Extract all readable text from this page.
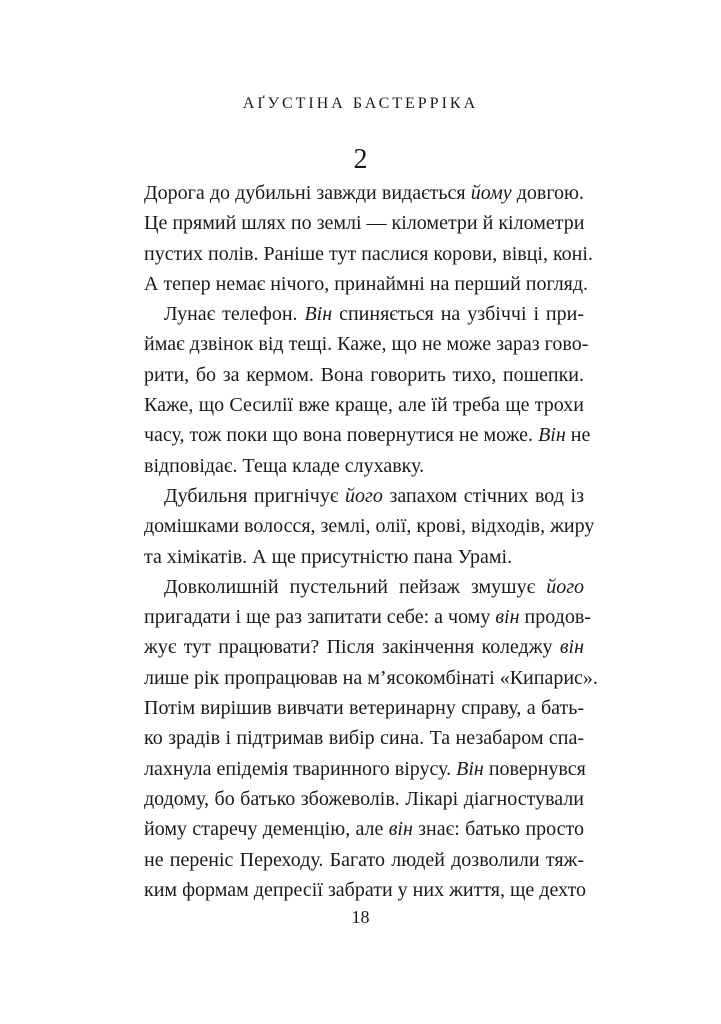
АҐУСТІНА БАСТЕРРІКА
2
Дорога до дубильні завжди видається йому довгою.
Це прямий шлях по землі — кілометри й кілометри
пустих полів. Раніше тут паслися корови, вівці, коні.
А тепер немає нічого, принаймні на перший погляд.
Лунає телефон. Він спиняється на узбіччі і при-
ймає дзвінок від тещі. Каже, що не може зараз гово-
рити, бо за кермом. Вона говорить тихо, пошепки.
Каже, що Сесилії вже краще, але їй треба ще трохи
часу, тож поки що вона повернутися не може. Він не
відповідає. Теща кладе слухавку.
Дубильня пригнічує його запахом стічних вод із
домішками волосся, землі, олії, крові, відходів, жиру
та хімікатів. А ще присутністю пана Урамі.
Довколишній пустельний пейзаж змушує його
пригадати і ще раз запитати себе: а чому він продов-
жує тут працювати? Після закінчення коледжу він
лише рік пропрацював на м’ясокомбінаті «Кипарис».
Потім вирішив вивчати ветеринарну справу, а бать-
ко зрадів і підтримав вибір сина. Та незабаром спа-
лахнула епідемія тваринного вірусу. Він повернувся
додому, бо батько збожеволів. Лікарі діагностували
йому старечу деменцію, але він знає: батько просто
не переніс Переходу. Багато людей дозволили тяж-
ким формам депресії забрати у них життя, ще дехто
18
